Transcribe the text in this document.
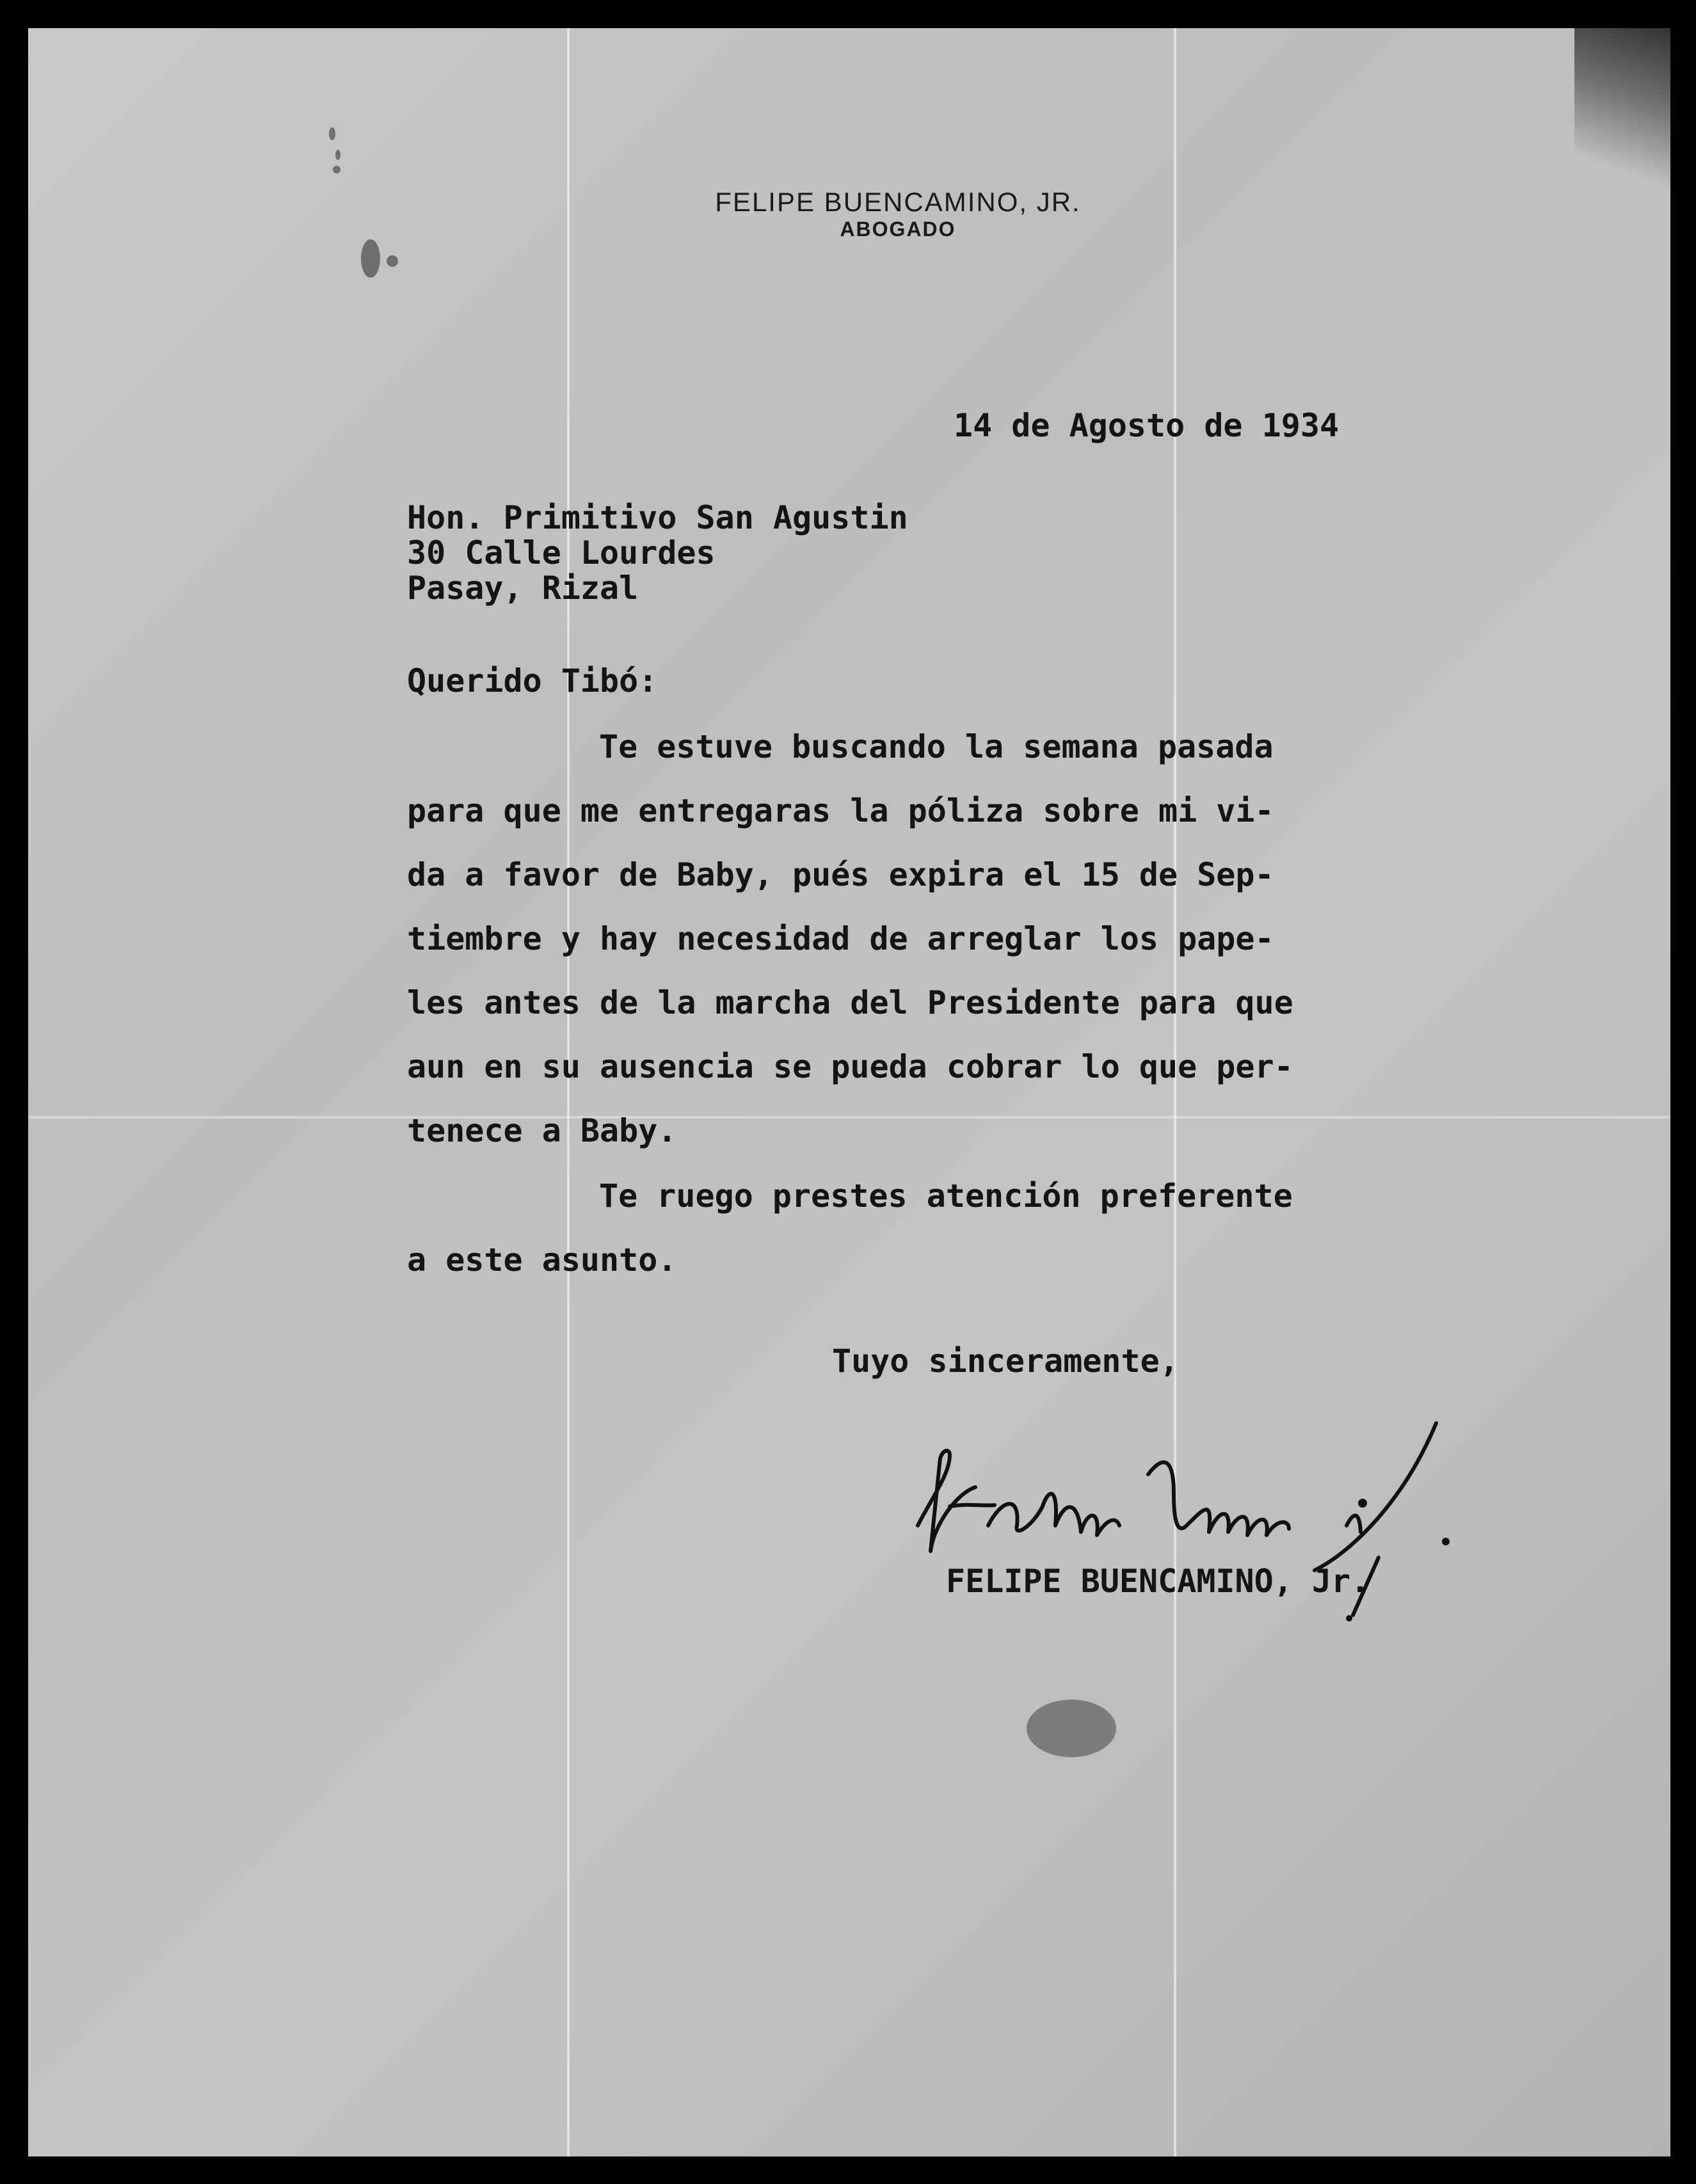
FELIPE BUENCAMINO, JR.
ABOGADO
14 de Agosto de 1934
Hon. Primitivo San Agustin
30 Calle Lourdes
Pasay, Rizal
Querido Tibó:
Te estuve buscando la semana pasada
para que me entregaras la póliza sobre mi vi-
da a favor de Baby, pués expira el 15 de Sep-
tiembre y hay necesidad de arreglar los pape-
les antes de la marcha del Presidente para que
aun en su ausencia se pueda cobrar lo que per-
tenece a Baby.
Te ruego prestes atención preferente
a este asunto.
Tuyo sinceramente,
FELIPE BUENCAMINO, Jr.
